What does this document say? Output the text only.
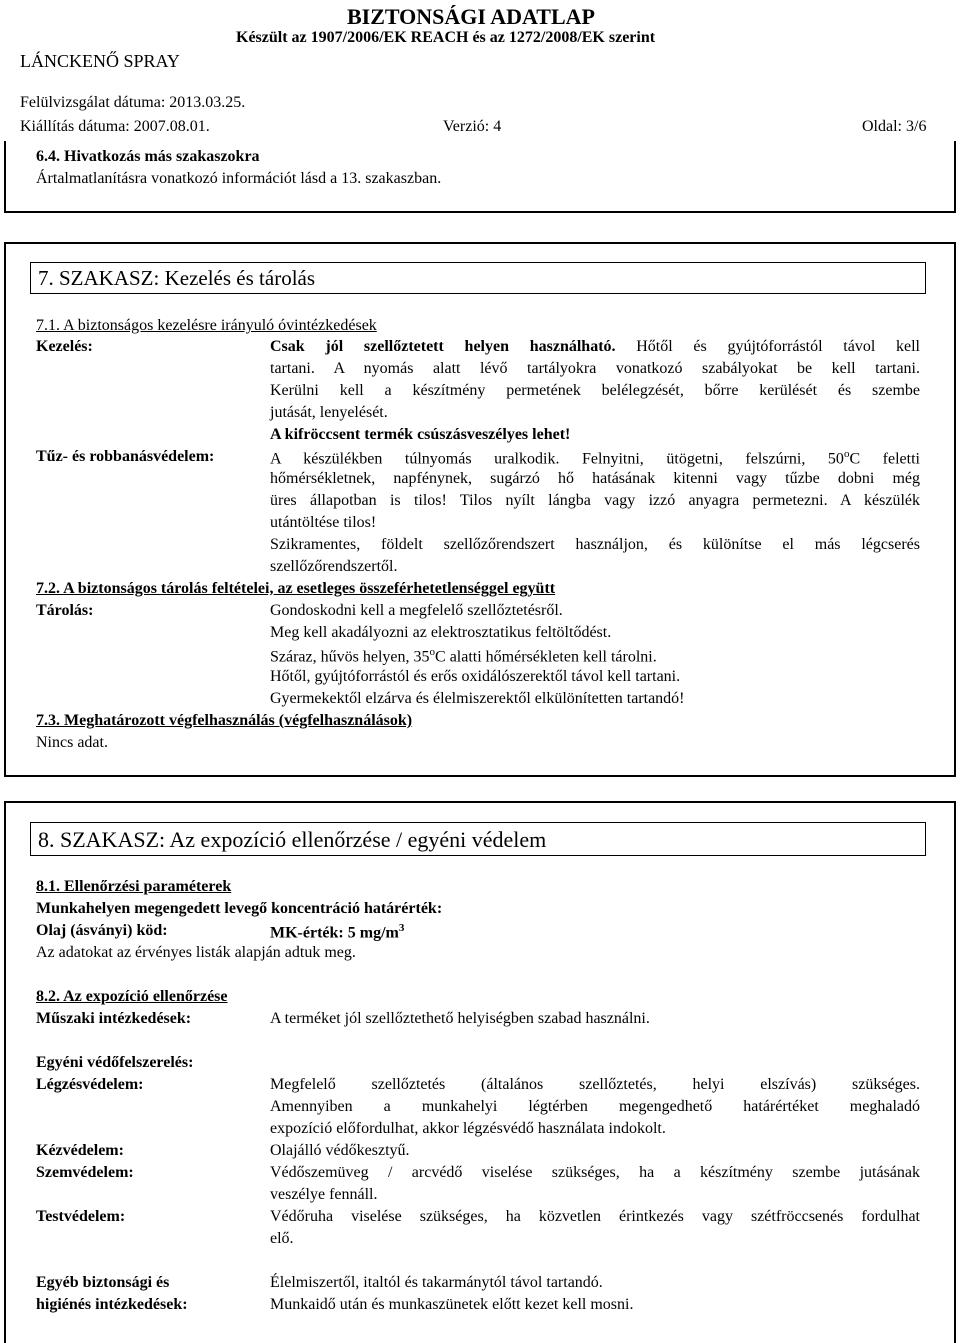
BIZTONSÁGI ADATLAP
Készült az 1907/2006/EK REACH és az 1272/2008/EK szerint
LÁNCKENŐ SPRAY
Felülvizsgálat dátuma: 2013.03.25.
Kiállítás dátuma: 2007.08.01.	Verzió: 4	Oldal: 3/6
6.4. Hivatkozás más szakaszokra
Ártalmatlanításra vonatkozó információt lásd a 13. szakaszban.
7. SZAKASZ: Kezelés és tárolás
7.1. A biztonságos kezelésre irányuló óvintézkedések
Kezelés:	Csak jól szellőztetett helyen használható. Hőtől és gyújtóforrástól távol kell
tartani. A nyomás alatt lévő tartályokra vonatkozó szabályokat be kell tartani.
Kerülni kell a készítmény permetének belélegzését, bőrre kerülését és szembe
jutását, lenyelését.
A kifröccsent termék csúszásveszélyes lehet!
Tűz- és robbanásvédelem:	A készülékben túlnyomás uralkodik. Felnyitni, ütögetni, felszúrni, 50$^o$C feletti
hőmérsékletnek, napfénynek, sugárzó hő hatásának kitenni vagy tűzbe dobni még
üres állapotban is tilos! Tilos nyílt lángba vagy izzó anyagra permetezni. A készülék
utántöltése tilos!
Szikramentes, földelt szellőzőrendszert használjon, és különítse el más légcserés
szellőzőrendszertől.
7.2. A biztonságos tárolás feltételei, az esetleges összeférhetetlenséggel együtt
Tárolás:	Gondoskodni kell a megfelelő szellőztetésről.
Meg kell akadályozni az elektrosztatikus feltöltődést.
Száraz, hűvös helyen, 35$^o$C alatti hőmérsékleten kell tárolni.
Hőtől, gyújtóforrástól és erős oxidálószerektől távol kell tartani.
Gyermekektől elzárva és élelmiszerektől elkülönítetten tartandó!
7.3. Meghatározott végfelhasználás (végfelhasználások)
Nincs adat.
8. SZAKASZ: Az expozíció ellenőrzése / egyéni védelem
8.1. Ellenőrzési paraméterek
Munkahelyen megengedett levegő koncentráció határérték:
Olaj (ásványi) köd:	MK-érték: 5 $mg/m^3$
Az adatokat az érvényes listák alapján adtuk meg.
8.2. Az expozíció ellenőrzése
Műszaki intézkedések:	A terméket jól szellőztethető helyiségben szabad használni.
Egyéni védőfelszerelés:
Légzésvédelem:	Megfelelő szellőztetés (általános szellőztetés, helyi elszívás) szükséges.
Amennyiben a munkahelyi légtérben megengedhető határértéket meghaladó
expozíció előfordulhat, akkor légzésvédő használata indokolt.
Kézvédelem:	Olajálló védőkesztyű.
Szemvédelem:	Védőszemüveg / arcvédő viselése szükséges, ha a készítmény szembe jutásának
veszélye fennáll.
Testvédelem:	Védőruha viselése szükséges, ha közvetlen érintkezés vagy szétfröccsenés fordulhat
elő.
Egyéb biztonsági és
higiénés intézkedések:
Élelmiszertől, italtól és takarmánytól távol tartandó.
Munkaidő után és munkaszünetek előtt kezet kell mosni.
